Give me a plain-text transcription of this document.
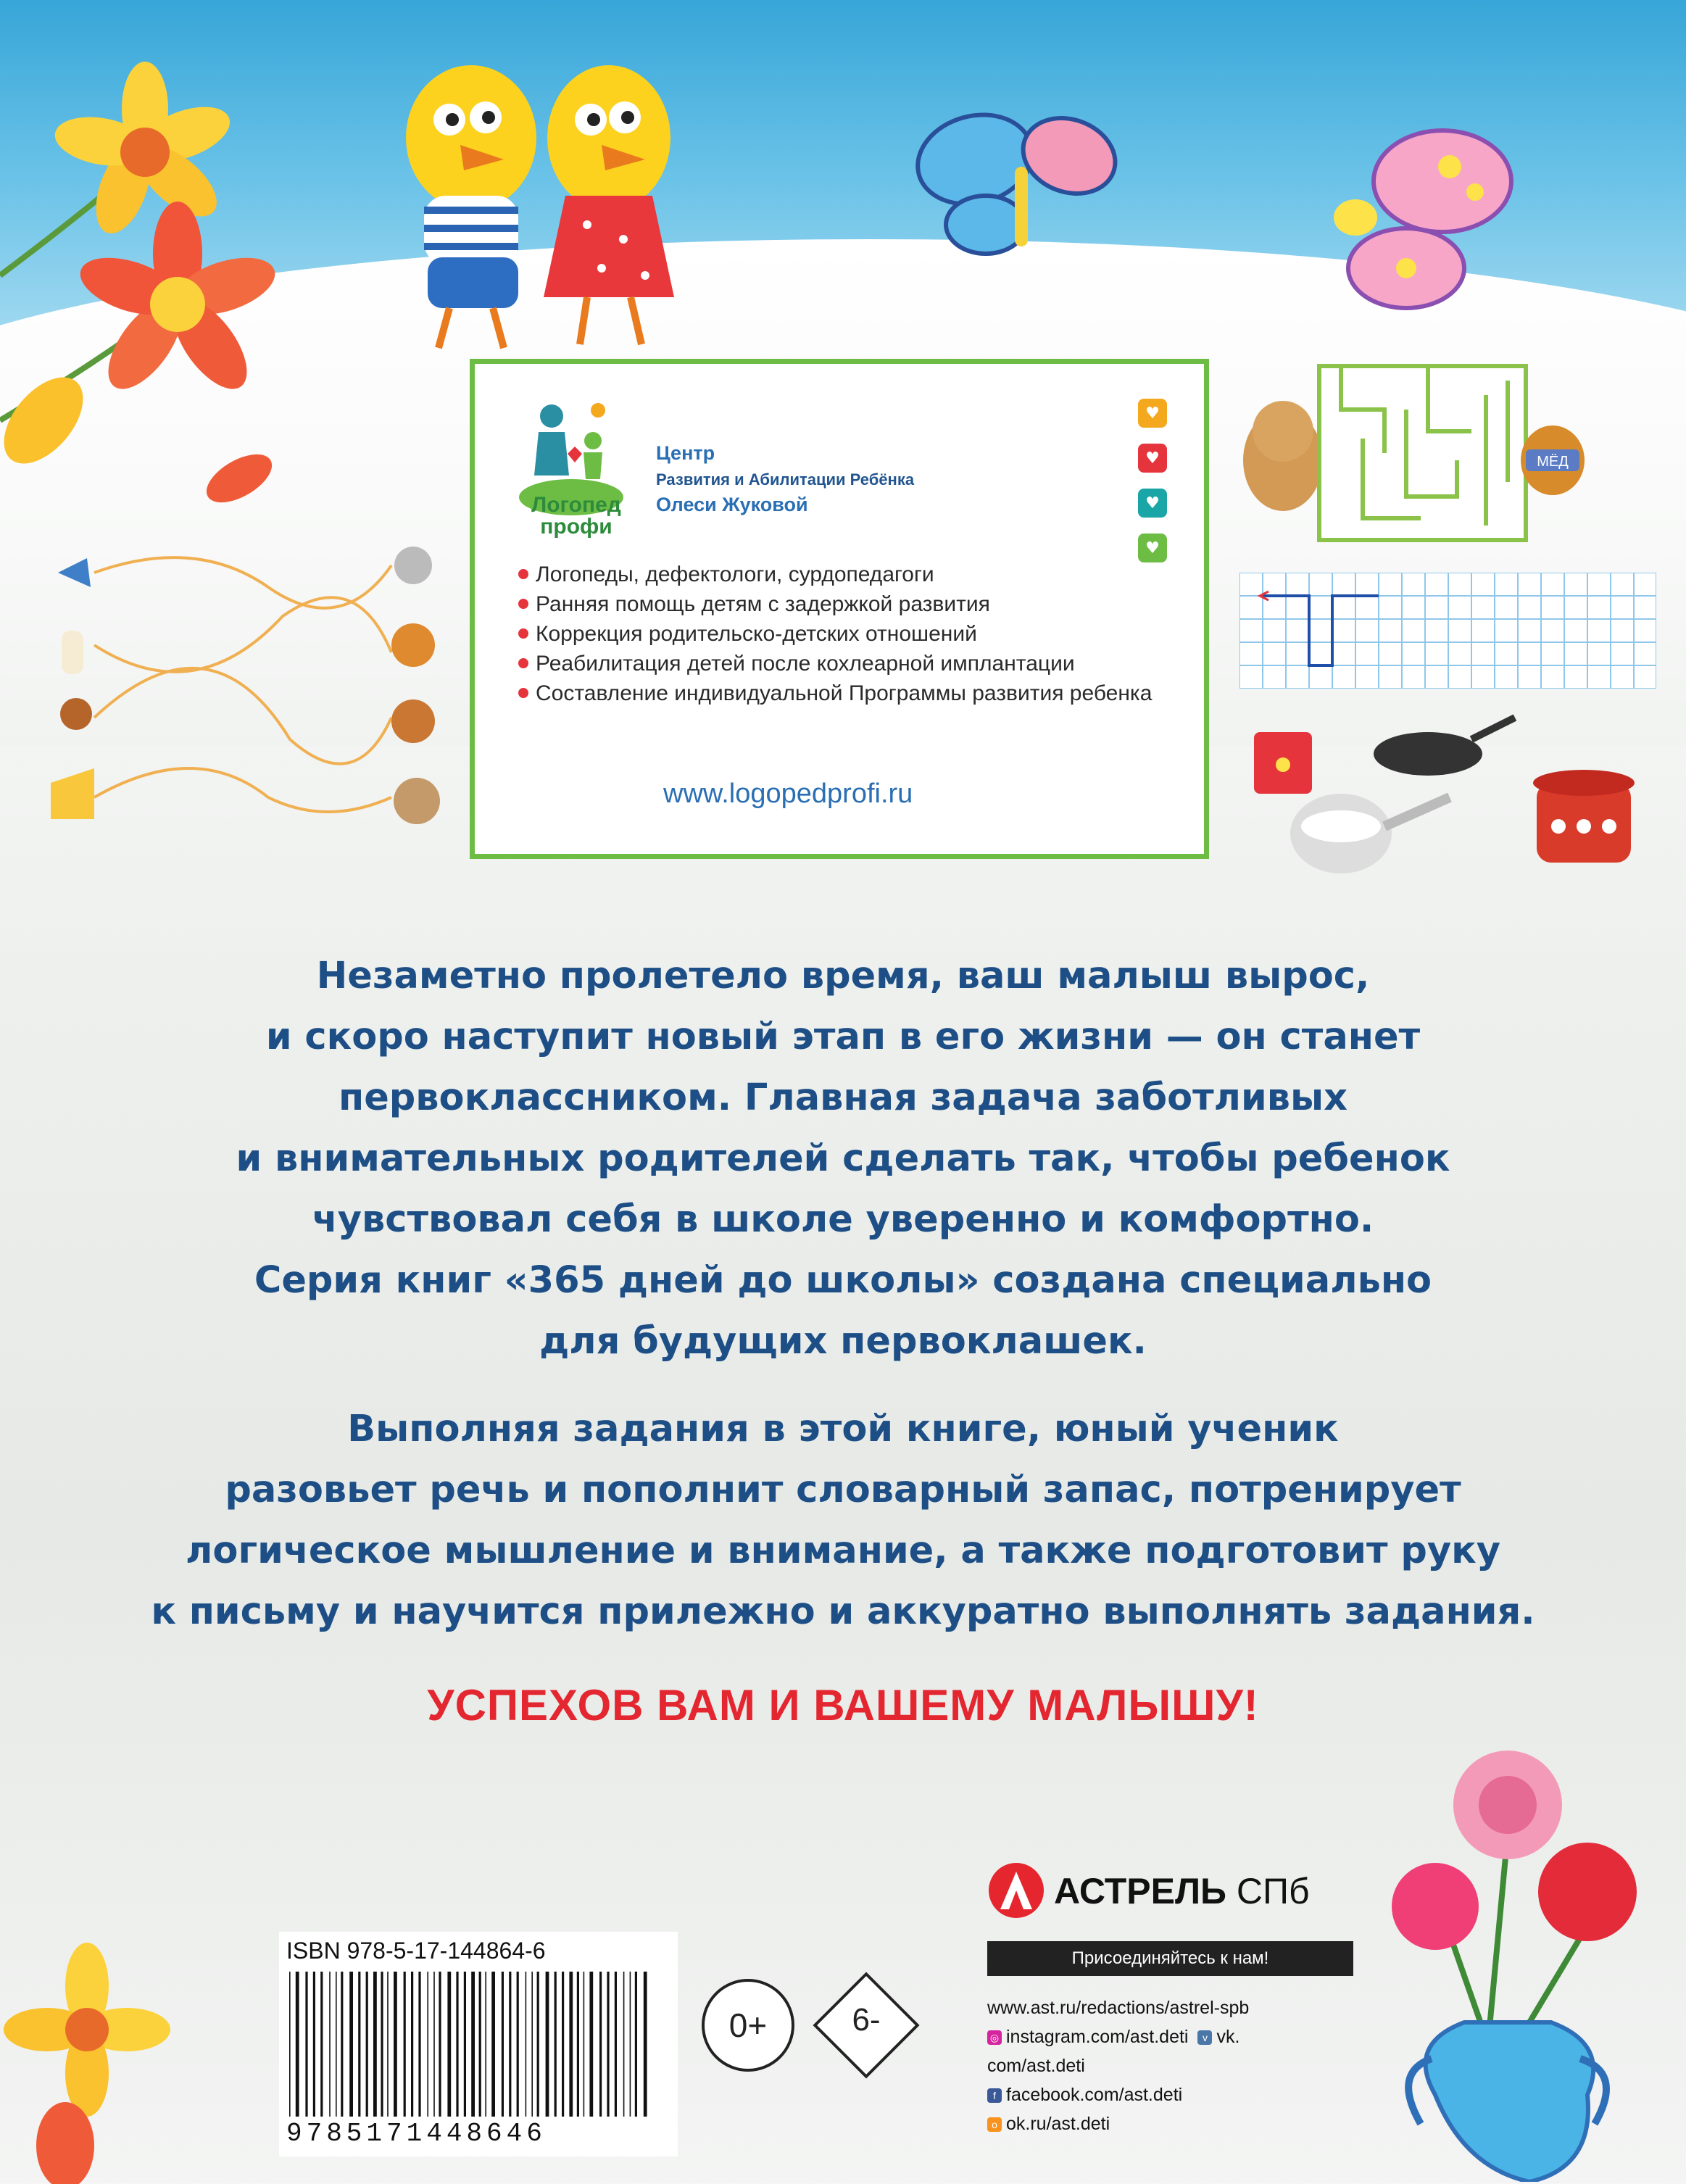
МЁД
Логопед
профи
Центр
Развития и Абилитации Ребёнка
Олеси Жуковой
♥
♥
♥
♥
Логопеды, дефектологи, сурдопедагоги
Ранняя помощь детям с задержкой развития
Коррекция родительско-детских отношений
Реабилитация детей после кохлеарной имплантации
Составление индивидуальной Программы развития ребенка
www.logopedprofi.ru
Незаметно пролетело время, ваш малыш вырос,
и скоро наступит новый этап в его жизни — он станет
первоклассником. Главная задача заботливых
и внимательных родителей сделать так, чтобы ребенок
чувствовал себя в школе уверенно и комфортно.
Серия книг «365 дней до школы» создана специально
для будущих первоклашек.
Выполняя задания в этой книге, юный ученик
разовьет речь и пополнит словарный запас, потренирует
логическое мышление и внимание, а также подготовит руку
к письму и научится прилежно и аккуратно выполнять задания.
УСПЕХОВ ВАМ И ВАШЕМУ МАЛЫШУ!
ISBN 978-5-17-144864-6
9785171448646
0+	6-
АСТРЕЛЬ СПб
Присоединяйтесь к нам!
www.ast.ru/redactions/astrel-spb
◎ instagram.com/ast.deti v vk.
com/ast.deti
f facebook.com/ast.deti
o ok.ru/ast.deti
